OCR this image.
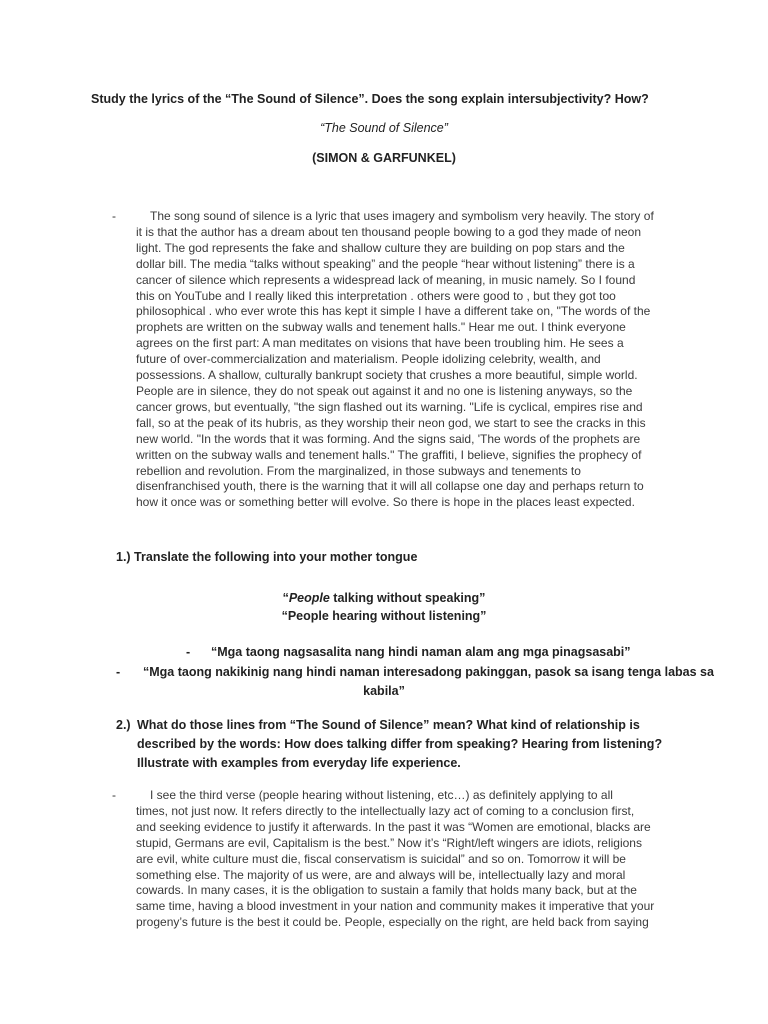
Study the lyrics of the “The Sound of Silence”. Does the song explain intersubjectivity? How?
“The Sound of Silence”
(SIMON & GARFUNKEL)
-	The song sound of silence is a lyric that uses imagery and symbolism very heavily. The story of
it is that the author has a dream about ten thousand people bowing to a god they made of neon
light. The god represents the fake and shallow culture they are building on pop stars and the
dollar bill. The media “talks without speaking” and the people “hear without listening” there is a
cancer of silence which represents a widespread lack of meaning, in music namely. So I found
this on YouTube and I really liked this interpretation . others were good to , but they got too
philosophical . who ever wrote this has kept it simple I have a different take on, "The words of the
prophets are written on the subway walls and tenement halls." Hear me out. I think everyone
agrees on the first part: A man meditates on visions that have been troubling him. He sees a
future of over-commercialization and materialism. People idolizing celebrity, wealth, and
possessions. A shallow, culturally bankrupt society that crushes a more beautiful, simple world.
People are in silence, they do not speak out against it and no one is listening anyways, so the
cancer grows, but eventually, "the sign flashed out its warning. "Life is cyclical, empires rise and
fall, so at the peak of its hubris, as they worship their neon god, we start to see the cracks in this
new world. "In the words that it was forming. And the signs said, 'The words of the prophets are
written on the subway walls and tenement halls." The graffiti, I believe, signifies the prophecy of
rebellion and revolution. From the marginalized, in those subways and tenements to
disenfranchised youth, there is the warning that it will all collapse one day and perhaps return to
how it once was or something better will evolve. So there is hope in the places least expected.
1.) Translate the following into your mother tongue
“People talking without speaking”
“People hearing without listening”
- “Mga taong nagsasalita nang hindi naman alam ang mga pinagsasabi”
- “Mga taong nakikinig nang hindi naman interesadong pakinggan, pasok sa isang tenga labas sa
kabila”
2.) What do those lines from “The Sound of Silence” mean? What kind of relationship is described by the words: How does talking differ from speaking? Hearing from listening? Illustrate with examples from everyday life experience.
-	I see the third verse (people hearing without listening, etc…) as definitely applying to all
times, not just now. It refers directly to the intellectually lazy act of coming to a conclusion first,
and seeking evidence to justify it afterwards. In the past it was “Women are emotional, blacks are
stupid, Germans are evil, Capitalism is the best.” Now it’s “Right/left wingers are idiots, religions
are evil, white culture must die, fiscal conservatism is suicidal” and so on. Tomorrow it will be
something else. The majority of us were, are and always will be, intellectually lazy and moral
cowards. In many cases, it is the obligation to sustain a family that holds many back, but at the
same time, having a blood investment in your nation and community makes it imperative that your
progeny’s future is the best it could be. People, especially on the right, are held back from saying
